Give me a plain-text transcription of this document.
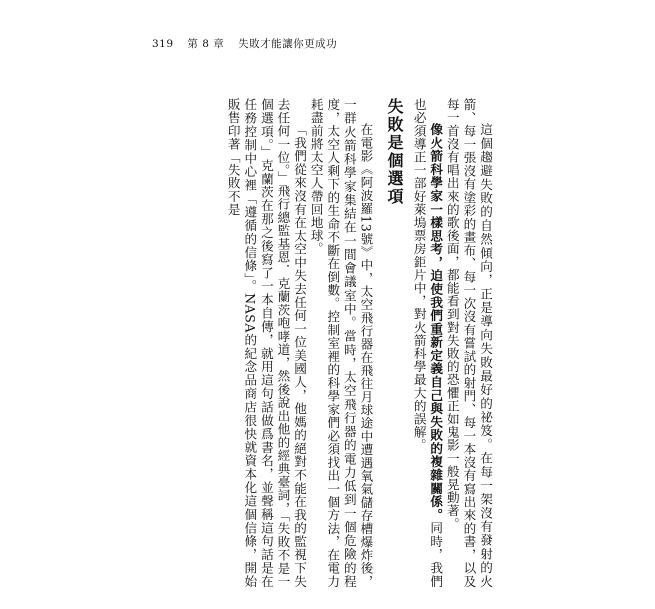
319 第 8 章 失敗才能讓你更成功

這個趨避失敗的自然傾向，正是導向失敗最好的祕笈。在每一架沒有發射的火箭、每一張沒有塗彩的畫布、每一次沒有嘗試的射門、每一本沒有寫出來的書，以及每一首沒有唱出來的歌後面，都能看到對失敗的恐懼正如鬼影一般晃動著。

像火箭科學家一樣思考，迫使我們重新定義自己與失敗的複雜關係。同時，我們也必須導正一部好萊塢票房鉅片中，對火箭科學最大的誤解。

失敗是個選項

在電影《阿波羅13號》中，太空飛行器在飛往月球途中遭遇氧氣儲存槽爆炸後，一群火箭科學家集結在一間會議室中。當時，太空飛行器的電力低到一個危險的程度，太空人剩下的生命不斷在倒數。控制室裡的科學家們必須找出一個方法，在電力耗盡前將太空人帶回地球。

「我們從來沒有在太空中失去任何一位美國人，他媽的絕對不能在我的監視下失去任何一位。」飛行總監基恩．克蘭茨咆哮道，然後說出他的經典臺詞，「失敗不是一個選項。」克蘭茨在那之後寫了一本自傳，就用這句話做爲書名，並聲稱這句話是在任務控制中心裡「遵循的信條」。NASA的紀念品商店很快就資本化這個信條，開始販售印著「失敗不是
